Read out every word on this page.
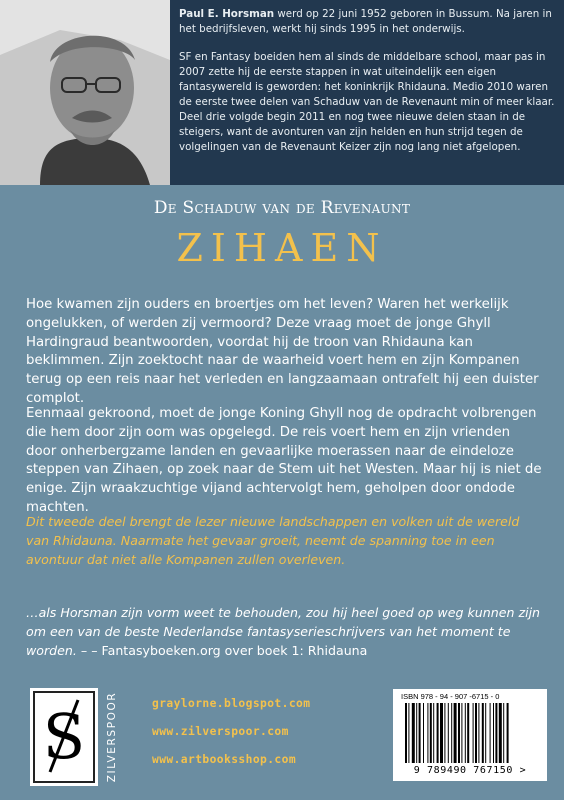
Paul E. Horsman werd op 22 juni 1952 geboren in Bussum. Na jaren in het bedrijfsleven, werkt hij sinds 1995 in het onderwijs.

SF en Fantasy boeiden hem al sinds de middelbare school, maar pas in 2007 zette hij de eerste stappen in wat uiteindelijk een eigen fantasywereld is geworden: het koninkrijk Rhidauna. Medio 2010 waren de eerste twee delen van Schaduw van de Revenaunt min of meer klaar. Deel drie volgde begin 2011 en nog twee nieuwe delen staan in de steigers, want de avonturen van zijn helden en hun strijd tegen de volgelingen van de Revenaunt Keizer zijn nog lang niet afgelopen.

De Schaduw van de Revenaunt
ZIHAEN

Hoe kwamen zijn ouders en broertjes om het leven? Waren het werkelijk ongelukken, of werden zij vermoord? Deze vraag moet de jonge Ghyll Hardingraud beantwoorden, voordat hij de troon van Rhidauna kan beklimmen. Zijn zoektocht naar de waarheid voert hem en zijn Kompanen terug op een reis naar het verleden en langzaamaan ontrafelt hij een duister complot.

Eenmaal gekroond, moet de jonge Koning Ghyll nog de opdracht volbrengen die hem door zijn oom was opgelegd. De reis voert hem en zijn vrienden door onherbergzame landen en gevaarlijke moerassen naar de eindeloze steppen van Zihaen, op zoek naar de Stem uit het Westen. Maar hij is niet de enige. Zijn wraakzuchtige vijand achtervolgt hem, geholpen door ondode machten.

Dit tweede deel brengt de lezer nieuwe landschappen en volken uit de wereld van Rhidauna. Naarmate het gevaar groeit, neemt de spanning toe in een avontuur dat niet alle Kompanen zullen overleven.

…als Horsman zijn vorm weet te behouden, zou hij heel goed op weg kunnen zijn om een van de beste Nederlandse fantasyserieschrijvers van het moment te worden. – – Fantasyboeken.org over boek 1: Rhidauna

S ZILVERSPOOR	graylorne.blogspot.com
www.zilverspoor.com
www.artbooksshop.com
ISBN 978 - 94 - 907 -6715 - 0
9 789490 767150 >
